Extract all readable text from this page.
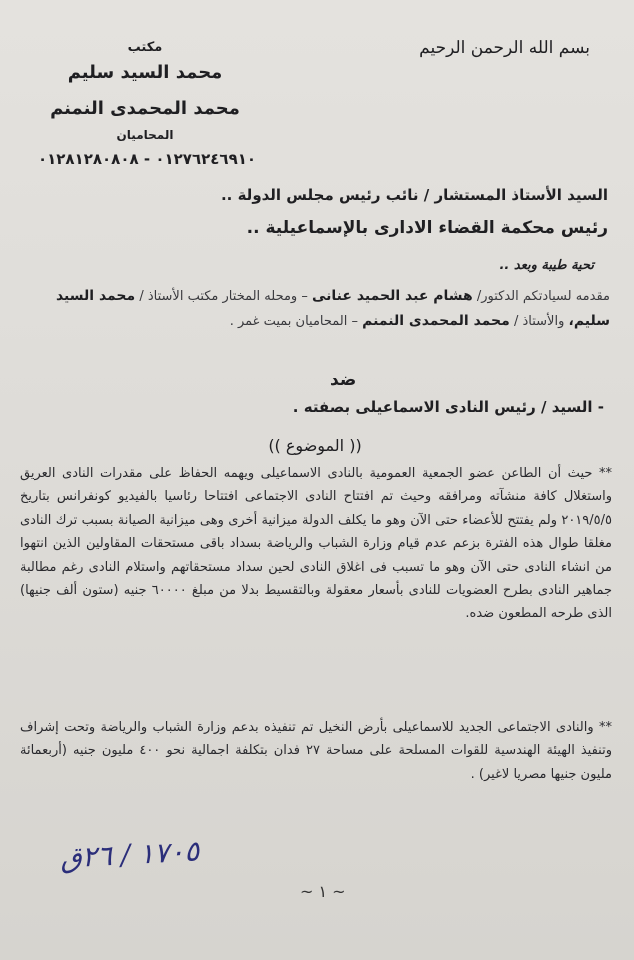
بسم الله الرحمن الرحيم
مكتب
محمد السيد سليم
محمد المحمدى النمنم
المحاميان
٠١٢٧٦٢٤٦٩١٠ - ٠١٢٨١٢٨٠٨٠٨
السيد الأستاذ المستشار / نائب رئيس مجلس الدولة ..
رئيس محكمة القضاء الادارى بالإسماعيلية ..
تحية طيبة وبعد ..
مقدمه لسيادتكم الدكتور/ هشام عبد الحميد عنانى – ومحله المختار مكتب الأستاذ / محمد السيد سليم، والأستاذ / محمد المحمدى النمنم – المحاميان بميت غمر .
ضد
- السيد / رئيس النادى الاسماعيلى بصفته .
(( الموضوع ))
** حيث أن الطاعن عضو الجمعية العمومية بالنادى الاسماعيلى ويهمه الحفاظ على مقدرات النادى العريق واستغلال كافة منشآته ومرافقه وحيث تم افتتاح النادى الاجتماعى افتتاحا رئاسيا بالفيديو كونفرانس بتاريخ ٢٠١٩/٥/٥ ولم يفتتح للأعضاء حتى الآن وهو ما يكلف الدولة ميزانية أخرى وهى ميزانية الصيانة بسبب ترك النادى مغلقا طوال هذه الفترة بزعم عدم قيام وزارة الشباب والرياضة بسداد باقى مستحقات المقاولين الذين انتهوا من انشاء النادى حتى الآن وهو ما تسبب فى اغلاق النادى لحين سداد مستحقاتهم واستلام النادى رغم مطالبة جماهير النادى بطرح العضويات للنادى بأسعار معقولة وبالتقسيط بدلا من مبلغ ٦٠٠٠٠ جنيه (ستون ألف جنيها) الذى طرحه المطعون ضده.
** والنادى الاجتماعى الجديد للاسماعيلى بأرض النخيل تم تنفيذه بدعم وزارة الشباب والرياضة وتحت إشراف وتنفيذ الهيئة الهندسية للقوات المسلحة على مساحة ٢٧ فدان بتكلفة اجمالية نحو ٤٠٠ مليون جنيه (أربعمائة مليون جنيها مصريا لاغير) .
١٧٠٥ / ٢٦ق
~ ١ ~
